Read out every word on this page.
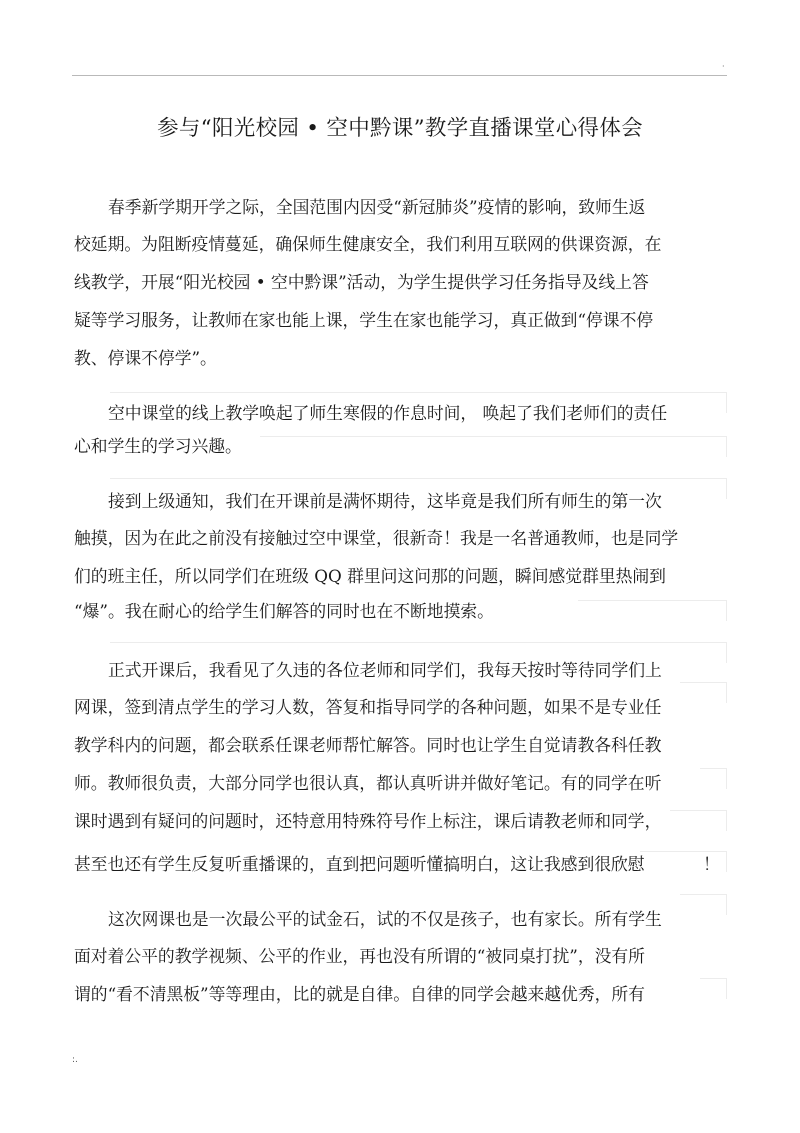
·
参与“阳光校园 • 空中黔课”教学直播课堂心得体会

春季新学期开学之际，全国范围内因受“新冠肺炎”疫情的影响，致师生返

校延期。为阻断疫情蔓延，确保师生健康安全，我们利用互联网的供课资源，在

线教学，开展“阳光校园 • 空中黔课”活动，为学生提供学习任务指导及线上答

疑等学习服务，让教师在家也能上课，学生在家也能学习，真正做到“停课不停

教、停课不停学”。

空中课堂的线上教学唤起了师生寒假的作息时间， 唤起了我们老师们的责任

心和学生的学习兴趣。

接到上级通知，我们在开课前是满怀期待，这毕竟是我们所有师生的第一次

触摸，因为在此之前没有接触过空中课堂，很新奇！我是一名普通教师，也是同学

们的班主任，所以同学们在班级 QQ 群里问这问那的问题，瞬间感觉群里热闹到

“爆”。我在耐心的给学生们解答的同时也在不断地摸索。

正式开课后，我看见了久违的各位老师和同学们，我每天按时等待同学们上

网课，签到清点学生的学习人数，答复和指导同学的各种问题，如果不是专业任

教学科内的问题，都会联系任课老师帮忙解答。同时也让学生自觉请教各科任教

师。教师很负责，大部分同学也很认真，都认真听讲并做好笔记。有的同学在听

课时遇到有疑问的问题时，还特意用特殊符号作上标注，课后请教老师和同学，

甚至也还有学生反复听重播课的，直到把问题听懂搞明白，这让我感到很欣慰	！

这次网课也是一次最公平的试金石，试的不仅是孩子，也有家长。所有学生

面对着公平的教学视频、公平的作业，再也没有所谓的“被同桌打扰”，没有所

谓的“看不清黑板”等等理由，比的就是自律。自律的同学会越来越优秀，所有

:.
